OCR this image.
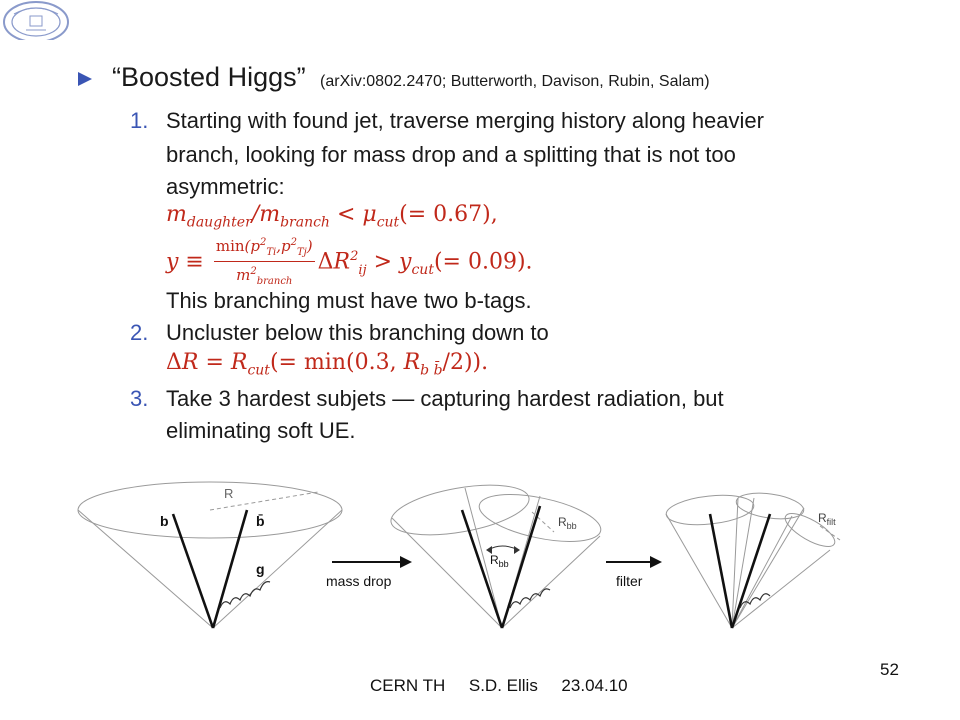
“Boosted Higgs” (arXiv:0802.2470; Butterworth, Davison, Rubin, Salam)
1. Starting with found jet, traverse merging history along heavier
branch, looking for mass drop and a splitting that is not too
asymmetric:
$m_{daughter}/m_{branch} < \mu_{cut}(= 0.67)$,
$y \equiv \frac{\min(p^2_{Ti},p^2_{Tj})}{m^2_{branch}} \Delta R^2_{ij} > y_{cut}(= 0.09)$.
This branching must have two b-tags.
2. Uncluster below this branching down to
$\Delta R = R_{cut}(= \min(0.3$, $R_{b b̄}/2$)).
3. Take 3 hardest subjets — capturing hardest radiation, but
eliminating soft UE.
R
b	b̄
g
mass drop	filter
$R_{bb}$
$R_{bb}$
$R_{filt}$
CERN TH     S.D. Ellis     23.04.10
52
